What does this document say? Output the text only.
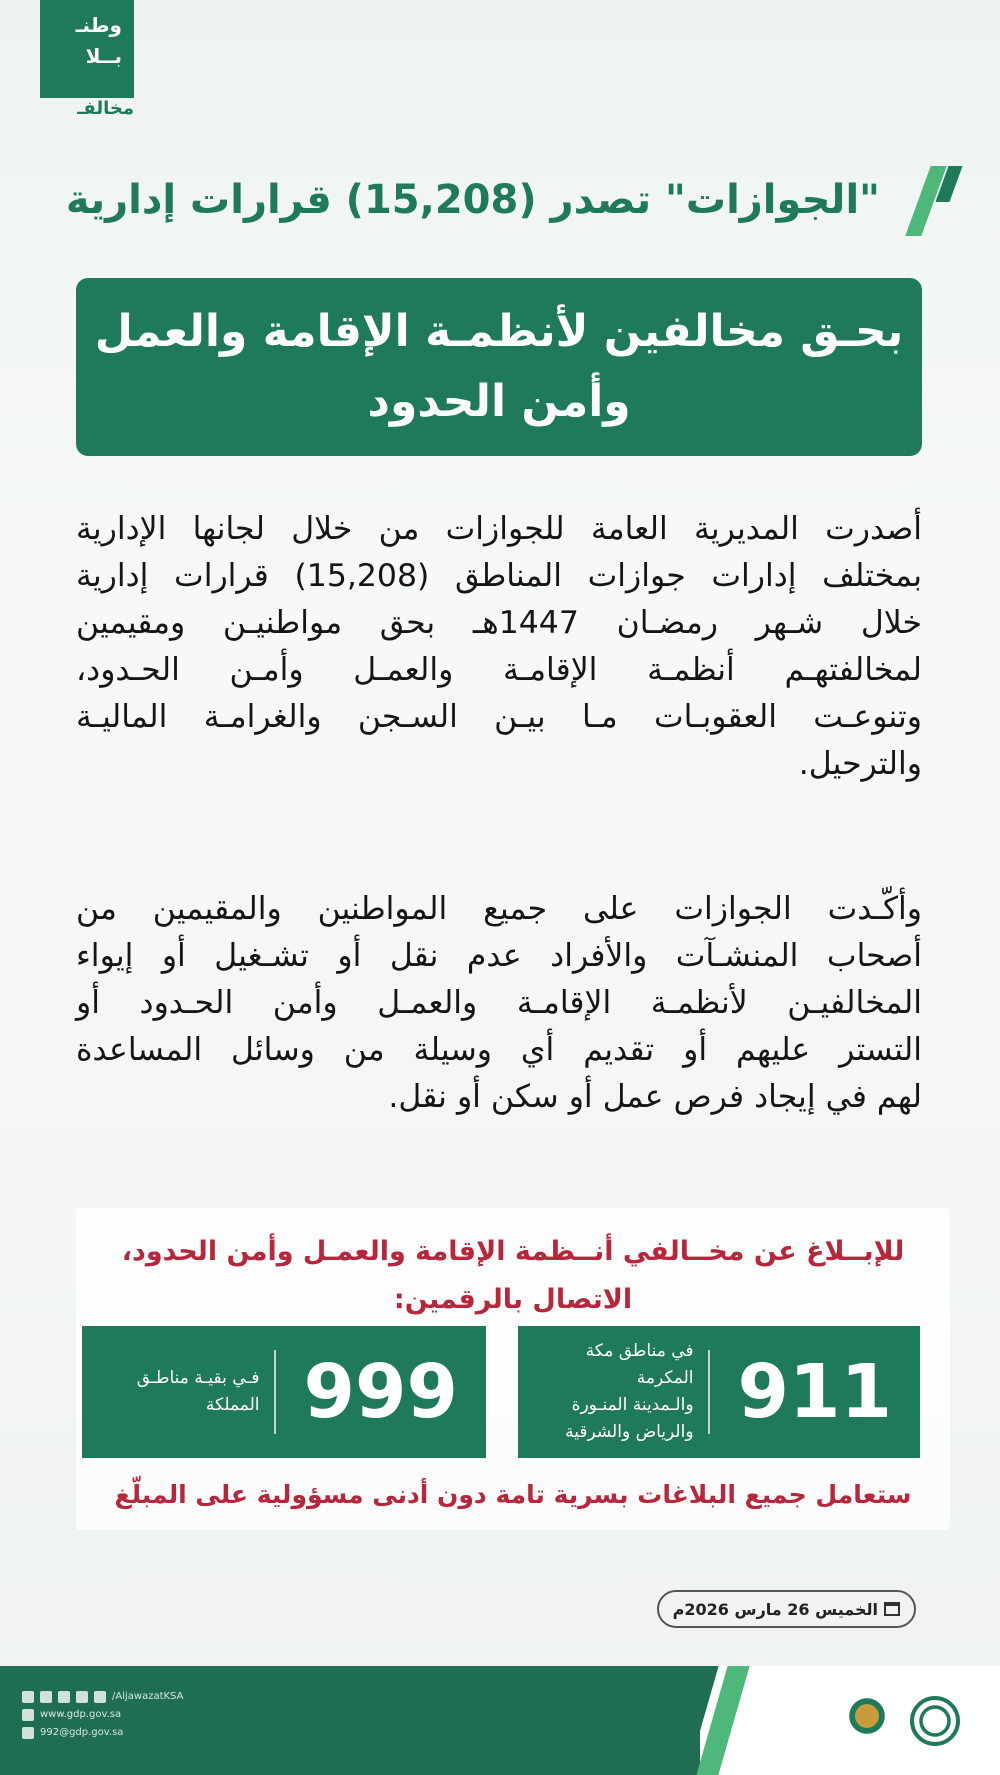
وطنـ
بــلا
مخالفـ
"الجوازات" تصدر (15,208) قرارات إدارية
بحـق مخالفين لأنظمـة الإقامة والعمل
وأمن الحدود
أصدرت المديرية العامة للجوازات من خلال لجانها الإدارية
بمختلف إدارات جوازات المناطق (15,208) قرارات إدارية
خلال شـهر رمضـان 1447هـ بحق مواطنيـن ومقيمين
لمخالفتهـم أنظمـة الإقامـة والعمـل وأمـن الحـدود،
وتنوعـت العقوبـات مـا بيـن السـجن والغرامـة الماليـة
والترحيل.
وأكّـدت الجوازات على جميع المواطنين والمقيمين من
أصحاب المنشـآت والأفراد عدم نقل أو تشـغيل أو إيواء
المخالفيـن لأنظمـة الإقامـة والعمـل وأمن الحـدود أو
التستر عليهم أو تقديم أي وسيلة من وسائل المساعدة
لهم في إيجاد فرص عمل أو سكن أو نقل.
للإبــلاغ عن مخــالفي أنــظمة الإقامة والعمـل وأمن الحدود،
الاتصال بالرقمين:
911
في مناطق مكة المكرمة
والـمدينة المنـورة
والرياض والشرقية
999
فـي بقيـة مناطـق
المملكة
ستعامل جميع البلاغات بسرية تامة دون أدنى مسؤولية على المبلّغ
الخميس 26 مارس 2026م
/AljawazatKSA
www.gdp.gov.sa
992@gdp.gov.sa
